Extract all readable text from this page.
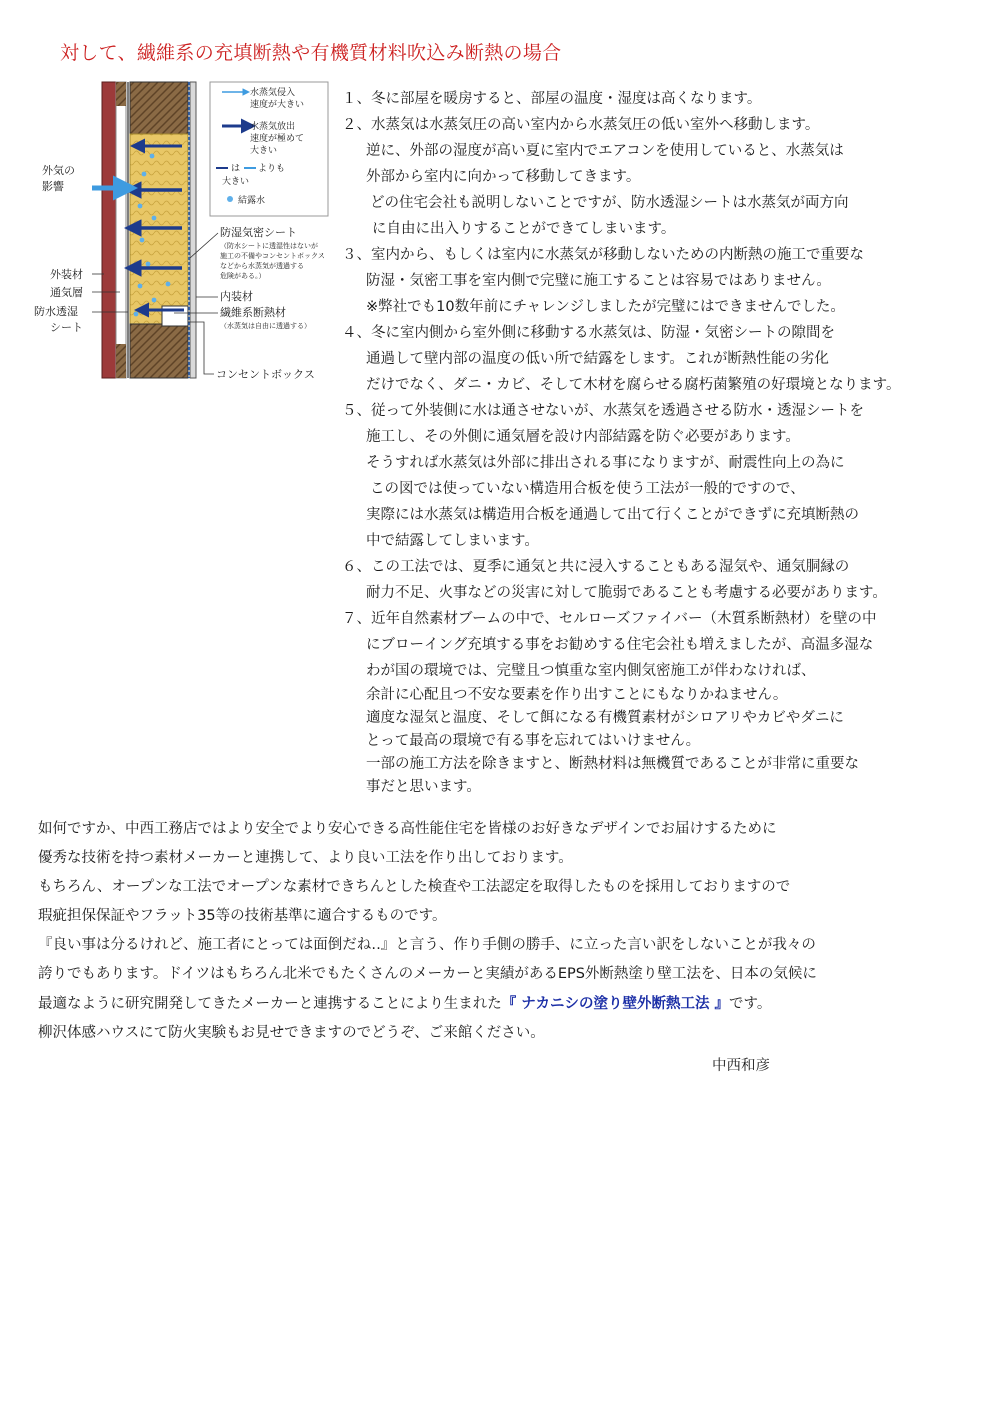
対して、繊維系の充填断熱や有機質材料吹込み断熱の場合
水蒸気侵入
速度が大きい
水蒸気放出
速度が極めて
大きい
は よりも
大きい
結露水
外気の
影響
防湿気密シート
（防水シートに透湿性はないが
施工の不備やコンセントボックス
などから水蒸気が透過する
危険がある。）
外装材
通気層
防水透湿
シート
内装材
繊維系断熱材
（水蒸気は自由に透過する）
コンセントボックス
１、冬に部屋を暖房すると、部屋の温度・湿度は高くなります。
２、水蒸気は水蒸気圧の高い室内から水蒸気圧の低い室外へ移動します。
逆に、外部の湿度が高い夏に室内でエアコンを使用していると、水蒸気は
外部から室内に向かって移動してきます。
どの住宅会社も説明しないことですが、防水透湿シートは水蒸気が両方向
に自由に出入りすることができてしまいます。
３、室内から、もしくは室内に水蒸気が移動しないための内断熱の施工で重要な
防湿・気密工事を室内側で完璧に施工することは容易ではありません。
※弊社でも10数年前にチャレンジしましたが完璧にはできませんでした。
４、冬に室内側から室外側に移動する水蒸気は、防湿・気密シートの隙間を
通過して壁内部の温度の低い所で結露をします。これが断熱性能の劣化
だけでなく、ダニ・カビ、そして木材を腐らせる腐朽菌繁殖の好環境となります。
５、従って外装側に水は通させないが、水蒸気を透過させる防水・透湿シートを
施工し、その外側に通気層を設け内部結露を防ぐ必要があります。
そうすれば水蒸気は外部に排出される事になりますが、耐震性向上の為に
この図では使っていない構造用合板を使う工法が一般的ですので、
実際には水蒸気は構造用合板を通過して出て行くことができずに充填断熱の
中で結露してしまいます。
６、この工法では、夏季に通気と共に浸入することもある湿気や、通気胴縁の
耐力不足、火事などの災害に対して脆弱であることも考慮する必要があります。
７、近年自然素材ブームの中で、セルローズファイバー（木質系断熱材）を壁の中
にブローイング充填する事をお勧めする住宅会社も増えましたが、高温多湿な
わが国の環境では、完璧且つ慎重な室内側気密施工が伴わなければ、
余計に心配且つ不安な要素を作り出すことにもなりかねません。
適度な湿気と温度、そして餌になる有機質素材がシロアリやカビやダニに
とって最高の環境で有る事を忘れてはいけません。
一部の施工方法を除きますと、断熱材料は無機質であることが非常に重要な
事だと思います。
如何ですか、中西工務店ではより安全でより安心できる高性能住宅を皆様のお好きなデザインでお届けするために
優秀な技術を持つ素材メーカーと連携して、より良い工法を作り出しております。
もちろん、オープンな工法でオープンな素材できちんとした検査や工法認定を取得したものを採用しておりますので
瑕疵担保保証やフラット35等の技術基準に適合するものです。
『良い事は分るけれど、施工者にとっては面倒だね‥』と言う、作り手側の勝手、に立った言い訳をしないことが我々の
誇りでもあります。ドイツはもちろん北米でもたくさんのメーカーと実績があるEPS外断熱塗り壁工法を、日本の気候に
最適なように研究開発してきたメーカーと連携することにより生まれた『 ナカニシの塗り壁外断熱工法 』です。
柳沢体感ハウスにて防火実験もお見せできますのでどうぞ、ご来館ください。
中西和彦
